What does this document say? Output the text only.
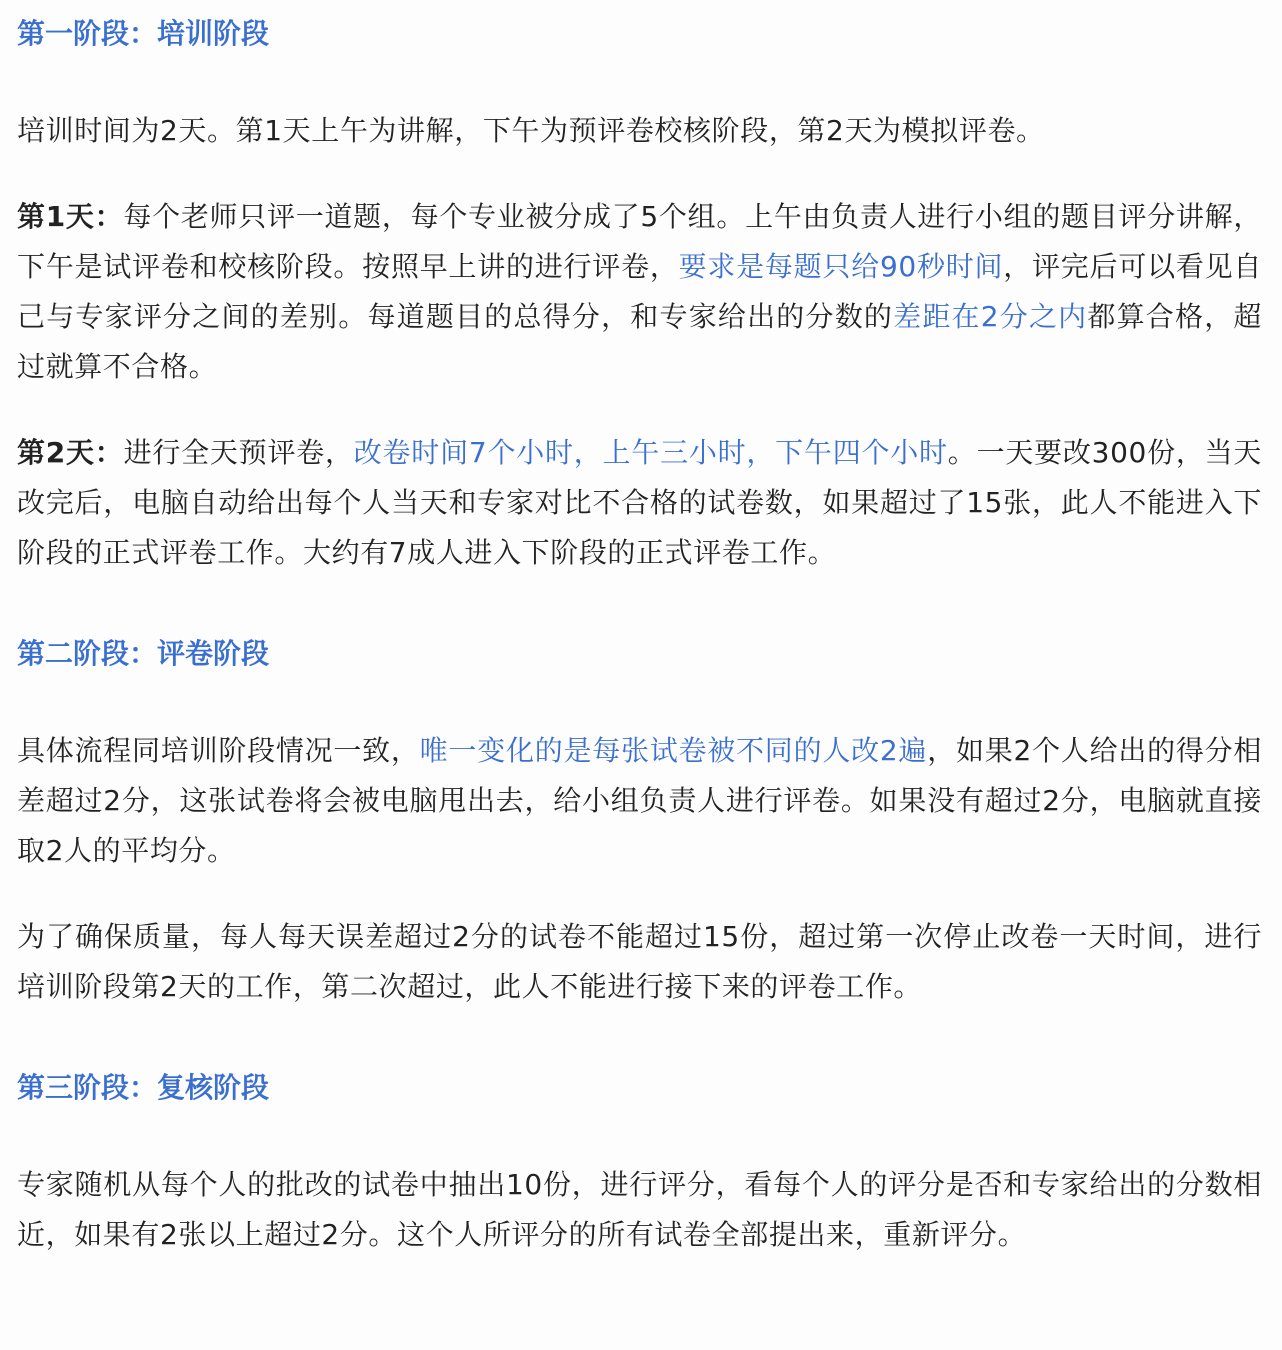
第一阶段：培训阶段

培训时间为2天。第1天上午为讲解，下午为预评卷校核阶段，第2天为模拟评卷。

第1天：每个老师只评一道题，每个专业被分成了5个组。上午由负责人进行小组的题目评分讲解，下午是试评卷和校核阶段。按照早上讲的进行评卷，要求是每题只给90秒时间，评完后可以看见自己与专家评分之间的差别。每道题目的总得分，和专家给出的分数的差距在2分之内都算合格，超过就算不合格。

第2天：进行全天预评卷，改卷时间7个小时，上午三小时，下午四个小时。一天要改300份，当天改完后，电脑自动给出每个人当天和专家对比不合格的试卷数，如果超过了15张，此人不能进入下阶段的正式评卷工作。大约有7成人进入下阶段的正式评卷工作。

第二阶段：评卷阶段

具体流程同培训阶段情况一致，唯一变化的是每张试卷被不同的人改2遍，如果2个人给出的得分相差超过2分，这张试卷将会被电脑甩出去，给小组负责人进行评卷。如果没有超过2分，电脑就直接取2人的平均分。

为了确保质量，每人每天误差超过2分的试卷不能超过15份，超过第一次停止改卷一天时间，进行培训阶段第2天的工作，第二次超过，此人不能进行接下来的评卷工作。

第三阶段：复核阶段

专家随机从每个人的批改的试卷中抽出10份，进行评分，看每个人的评分是否和专家给出的分数相近，如果有2张以上超过2分。这个人所评分的所有试卷全部提出来，重新评分。
